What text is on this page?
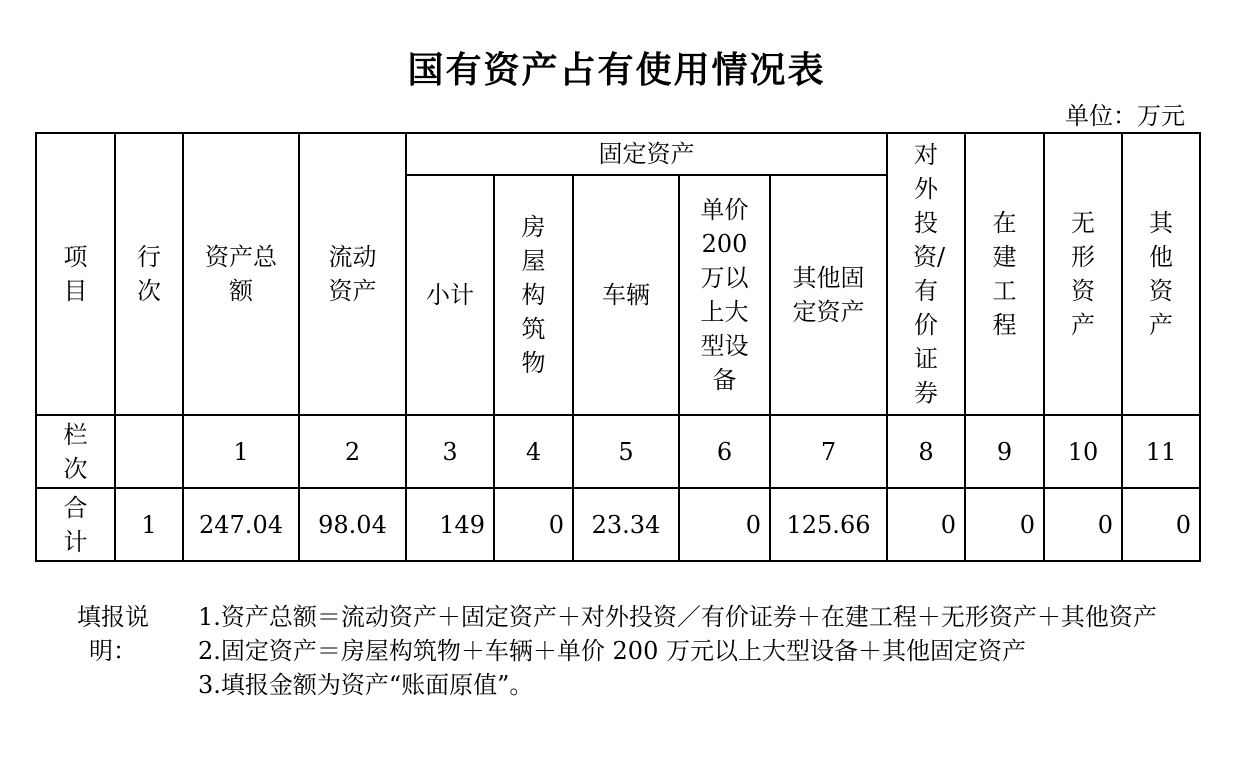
国有资产占有使用情况表
单位：万元
项目	行次	资产总额	流动资产	固定资产					对外投资/有价证券	在建工程	无形资产	其他资产
				小计	房屋构筑物	车辆	单价200万以上大型设备	其他固定资产				
栏次		1	2	3	4	5	6	7	8	9	10	11
合计	1	247.04	98.04	149	0	23.34	0	125.66	0	0	0	0
填报说明：
1.资产总额＝流动资产＋固定资产＋对外投资／有价证券＋在建工程＋无形资产＋其他资产
2.固定资产＝房屋构筑物＋车辆＋单价 200 万元以上大型设备＋其他固定资产
3.填报金额为资产“账面原值”。
